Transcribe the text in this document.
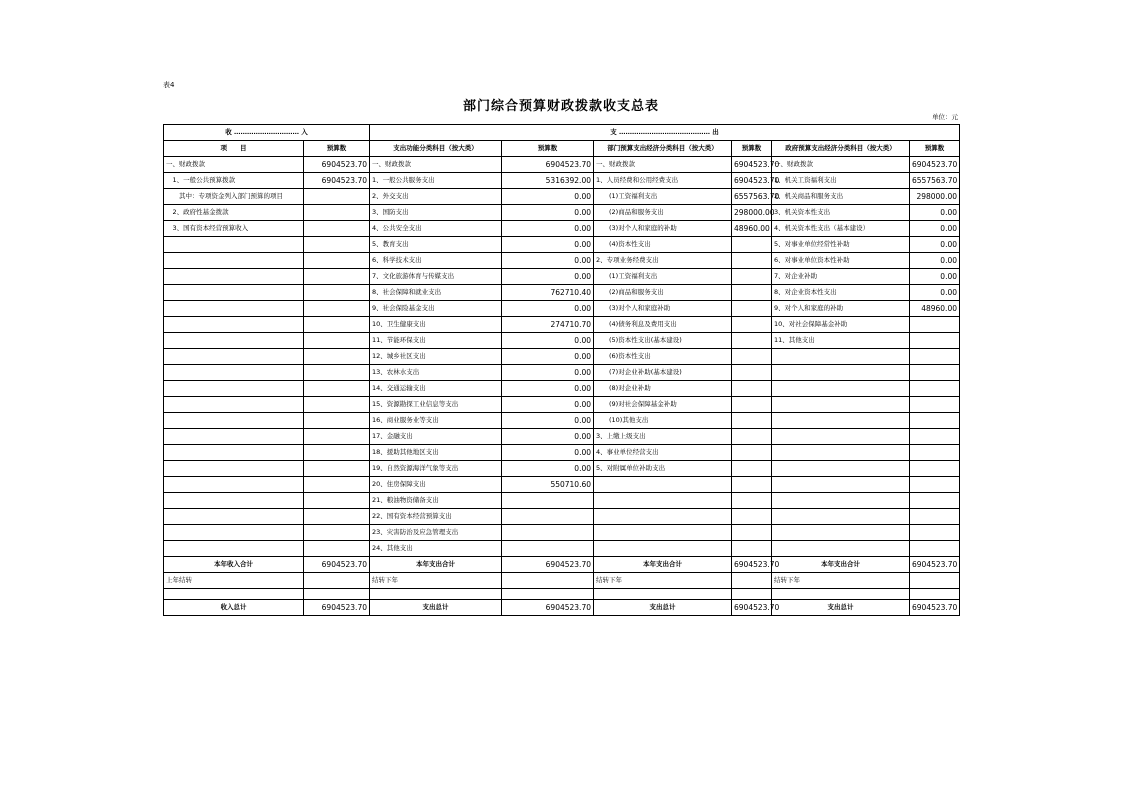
表4
部门综合预算财政拨款收支总表
单位：元
收 ………………………… 入		支 …………………………………… 出					
项　　目	预算数	支出功能分类科目（按大类）	预算数	部门预算支出经济分类科目（按大类）	预算数	政府预算支出经济分类科目（按大类）	预算数
一、财政拨款	6904523.70	一、财政拨款	6904523.70	一、财政拨款	6904523.70	一、财政拨款	6904523.70
　1、一般公共预算拨款	6904523.70	1、一般公共服务支出	5316392.00	1、人员经费和公用经费支出	6904523.70	1、机关工资福利支出	6557563.70
　　其中：专项资金列入部门预算的项目		2、外交支出	0.00	　　(1)工资福利支出	6557563.70	2、机关商品和服务支出	298000.00
　2、政府性基金拨款		3、国防支出	0.00	　　(2)商品和服务支出	298000.00	3、机关资本性支出	0.00
　3、国有资本经营预算收入		4、公共安全支出	0.00	　　(3)对个人和家庭的补助	48960.00	4、机关资本性支出（基本建设）	0.00
		5、教育支出	0.00	　　(4)资本性支出		5、对事业单位经常性补助	0.00
		6、科学技术支出	0.00	2、专项业务经费支出		6、对事业单位资本性补助	0.00
		7、文化旅游体育与传媒支出	0.00	　　(1)工资福利支出		7、对企业补助	0.00
		8、社会保障和就业支出	762710.40	　　(2)商品和服务支出		8、对企业资本性支出	0.00
		9、社会保险基金支出	0.00	　　(3)对个人和家庭补助		9、对个人和家庭的补助	48960.00
		10、卫生健康支出	274710.70	　　(4)债务利息及费用支出		10、对社会保障基金补助	
		11、节能环保支出	0.00	　　(5)资本性支出(基本建设)		11、其他支出	
		12、城乡社区支出	0.00	　　(6)资本性支出			
		13、农林水支出	0.00	　　(7)对企业补助(基本建设)			
		14、交通运输支出	0.00	　　(8)对企业补助			
		15、资源勘探工业信息等支出	0.00	　　(9)对社会保障基金补助			
		16、商业服务业等支出	0.00	　　(10)其他支出			
		17、金融支出	0.00	3、上缴上级支出			
		18、援助其他地区支出	0.00	4、事业单位经营支出			
		19、自然资源海洋气象等支出	0.00	5、对附属单位补助支出			
		20、住房保障支出	550710.60				
		21、粮油物资储备支出					
		22、国有资本经营预算支出					
		23、灾害防治及应急管理支出					
		24、其他支出					
本年收入合计	6904523.70	本年支出合计	6904523.70	本年支出合计	6904523.70	本年支出合计	6904523.70
上年结转		结转下年		结转下年		结转下年	

收入总计	6904523.70	支出总计	6904523.70	支出总计	6904523.70	支出总计	6904523.70
